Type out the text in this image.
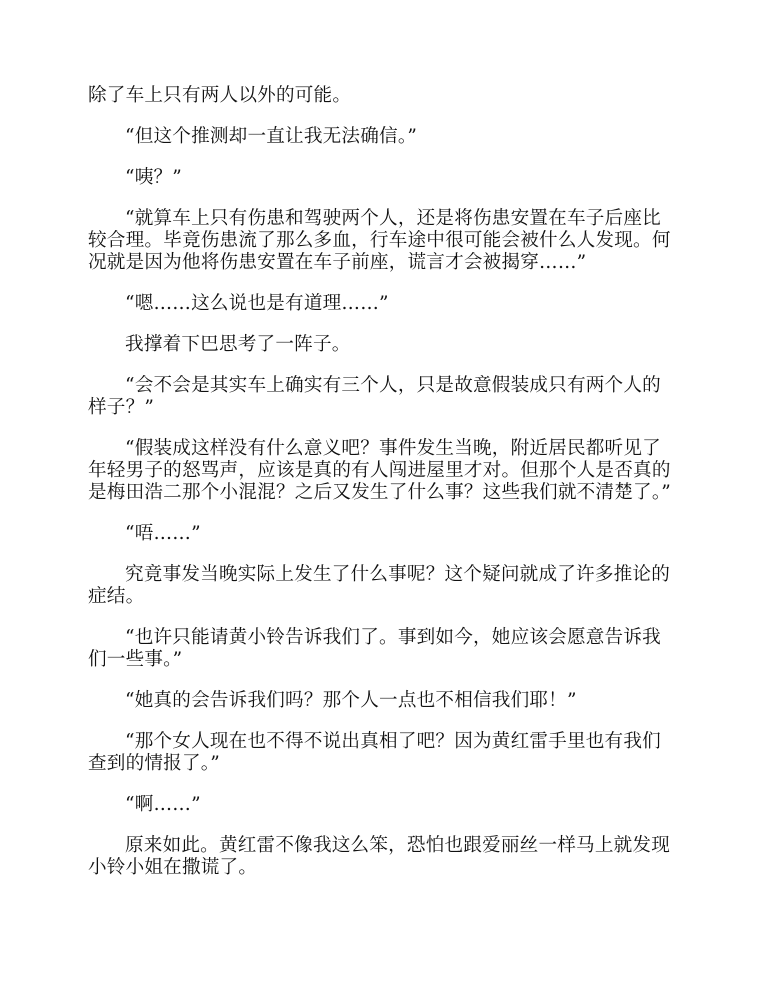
除了车上只有两人以外的可能。

“但这个推测却一直让我无法确信。”

“咦？”

“就算车上只有伤患和驾驶两个人，还是将伤患安置在车子后座比较合理。毕竟伤患流了那么多血，行车途中很可能会被什么人发现。何况就是因为他将伤患安置在车子前座，谎言才会被揭穿……”

“嗯……这么说也是有道理……”

我撑着下巴思考了一阵子。

“会不会是其实车上确实有三个人，只是故意假装成只有两个人的样子？”

“假装成这样没有什么意义吧？事件发生当晚，附近居民都听见了年轻男子的怒骂声，应该是真的有人闯进屋里才对。但那个人是否真的是梅田浩二那个小混混？之后又发生了什么事？这些我们就不清楚了。”

“唔……”

究竟事发当晚实际上发生了什么事呢？这个疑问就成了许多推论的症结。

“也许只能请黄小铃告诉我们了。事到如今，她应该会愿意告诉我们一些事。”

“她真的会告诉我们吗？那个人一点也不相信我们耶！”

“那个女人现在也不得不说出真相了吧？因为黄红雷手里也有我们查到的情报了。”

“啊……”

原来如此。黄红雷不像我这么笨，恐怕也跟爱丽丝一样马上就发现小铃小姐在撒谎了。
